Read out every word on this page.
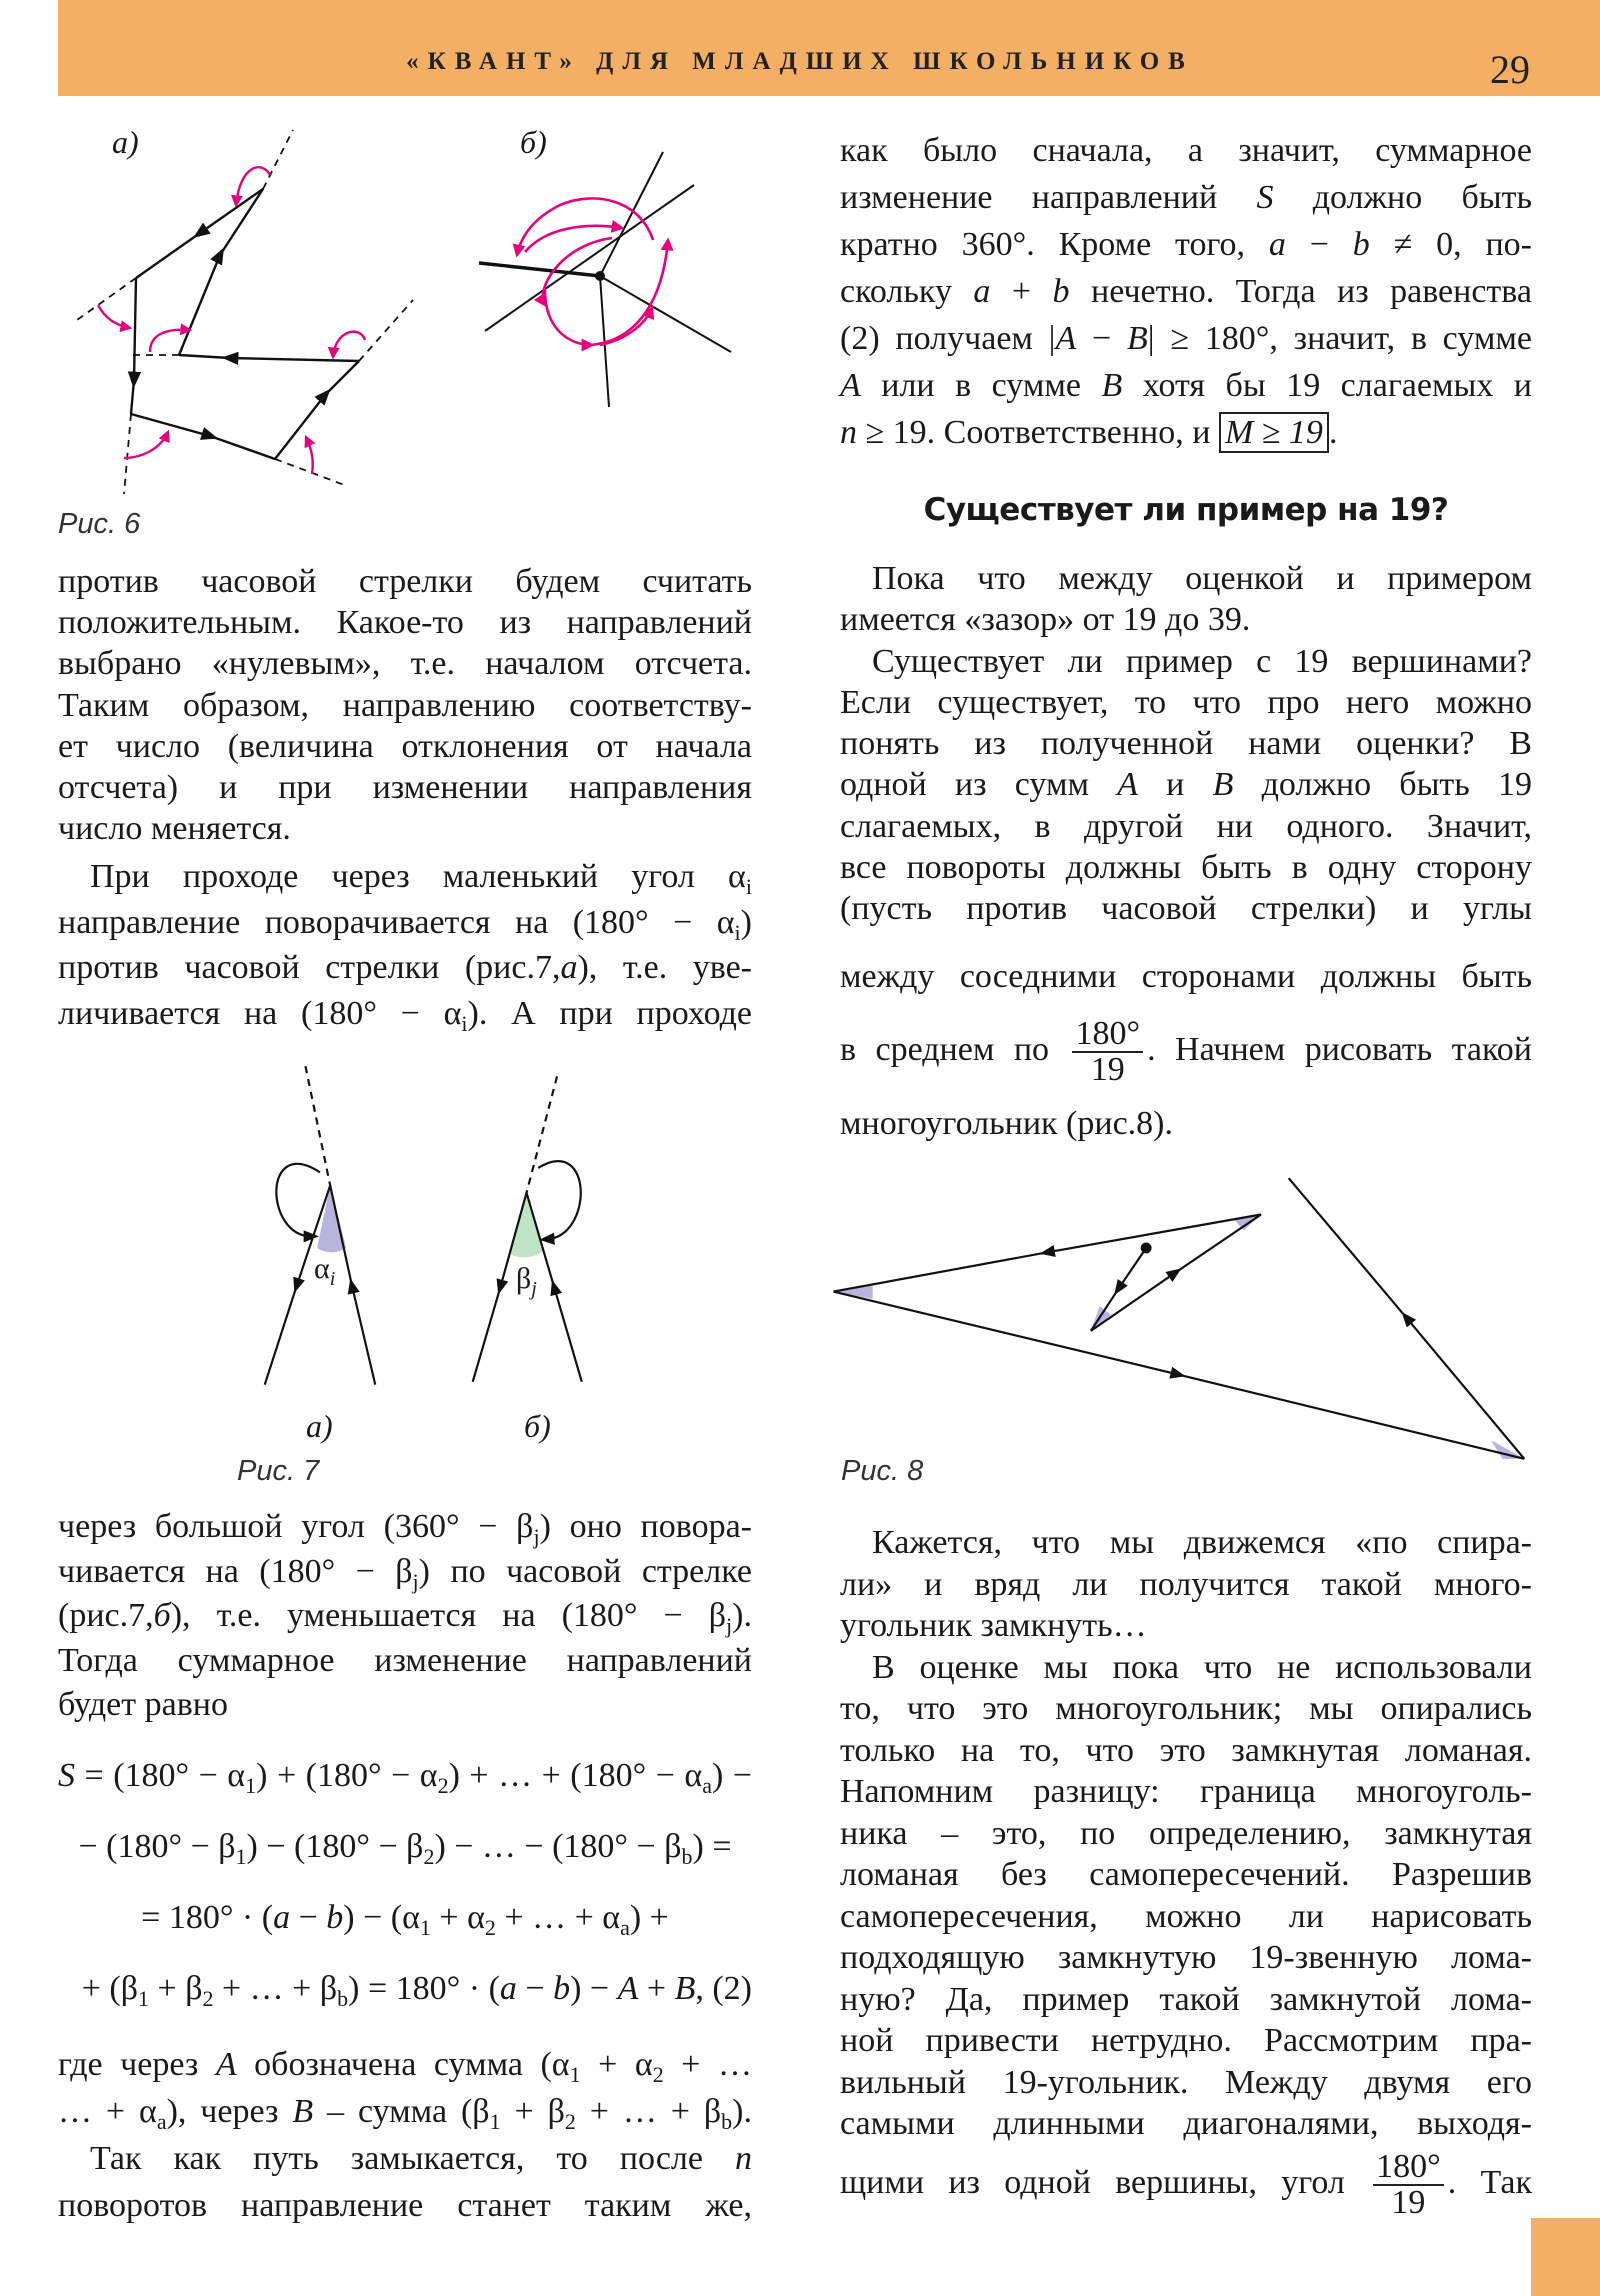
«КВАНТ» ДЛЯ МЛАДШИХ ШКОЛЬНИКОВ	29
а)	б)
Рис. 6
$\alpha_i$	$\beta_j$
а)	б)
Рис. 7	Рис. 8
против часовой стрелки будем считать
положительным. Какое-то из направлений
выбрано «нулевым», т.е. началом отсчета.
Таким образом, направлению соответству-
ет число (величина отклонения от начала
отсчета) и при изменении направления
число меняется.
При проходе через маленький угол $\alpha_i$
направление поворачивается на $(180^\circ - \alpha_i)$
против часовой стрелки (рис.7,а), т.е. уве-
личивается на $(180^\circ - \alpha_i)$. А при проходе
через большой угол $(360^\circ - \beta_j)$ оно повора-
чивается на $(180^\circ - \beta_j)$ по часовой стрелке
(рис.7,б), т.е. уменьшается на $(180^\circ - \beta_j)$.
Тогда суммарное изменение направлений
будет равно
$S = (180^\circ - \alpha_1) + (180^\circ - \alpha_2)$ + … + $(180^\circ - \alpha_a)$ −
− $(180^\circ - \beta_1) - (180^\circ - \beta_2)$ − … − $(180^\circ - \beta_b)$ =
= $180^\circ \cdot (a - b) - (\alpha_1 + \alpha_2$ + … + $\alpha_a$) +
+ ($\beta_1 + \beta_2$ + … + $\beta_b) = 180^\circ \cdot (a - b) - A + B$, (2)
где через A обозначена сумма ($\alpha_1 + \alpha_2$ + …
… + $\alpha_a$), через B – сумма ($\beta_1 + \beta_2$ + … + $\beta_b$).
Так как путь замыкается, то после n
поворотов направление станет таким же,
как было сначала, а значит, суммарное
изменение направлений S должно быть
кратно 360°. Кроме того, a − b ≠ 0, по-
скольку a + b нечетно. Тогда из равенства
(2) получаем |A − B| ≥ 180°, значит, в сумме
A или в сумме B хотя бы 19 слагаемых и
n ≥ 19. Соответственно, и M ≥ 19 .
Существует ли пример на 19?
Пока что между оценкой и примером
имеется «зазор» от 19 до 39.
Существует ли пример с 19 вершинами?
Если существует, то что про него можно
понять из полученной нами оценки? В
одной из сумм A и B должно быть 19
слагаемых, в другой ни одного. Значит,
все повороты должны быть в одну сторону
(пусть против часовой стрелки) и углы
между соседними сторонами должны быть
в среднем по $\frac{180^\circ}{19}$ . Начнем рисовать такой
многоугольник (рис.8).
Кажется, что мы движемся «по спира-
ли» и вряд ли получится такой много-
угольник замкнуть…
В оценке мы пока что не использовали
то, что это многоугольник; мы опирались
только на то, что это замкнутая ломаная.
Напомним разницу: граница многоуголь-
ника – это, по определению, замкнутая
ломаная без самопересечений. Разрешив
самопересечения, можно ли нарисовать
подходящую замкнутую 19-звенную лома-
ную? Да, пример такой замкнутой лома-
ной привести нетрудно. Рассмотрим пра-
вильный 19-угольник. Между двумя его
самыми длинными диагоналями, выходя-
щими из одной вершины, угол $\frac{180^\circ}{19}$ . Так
